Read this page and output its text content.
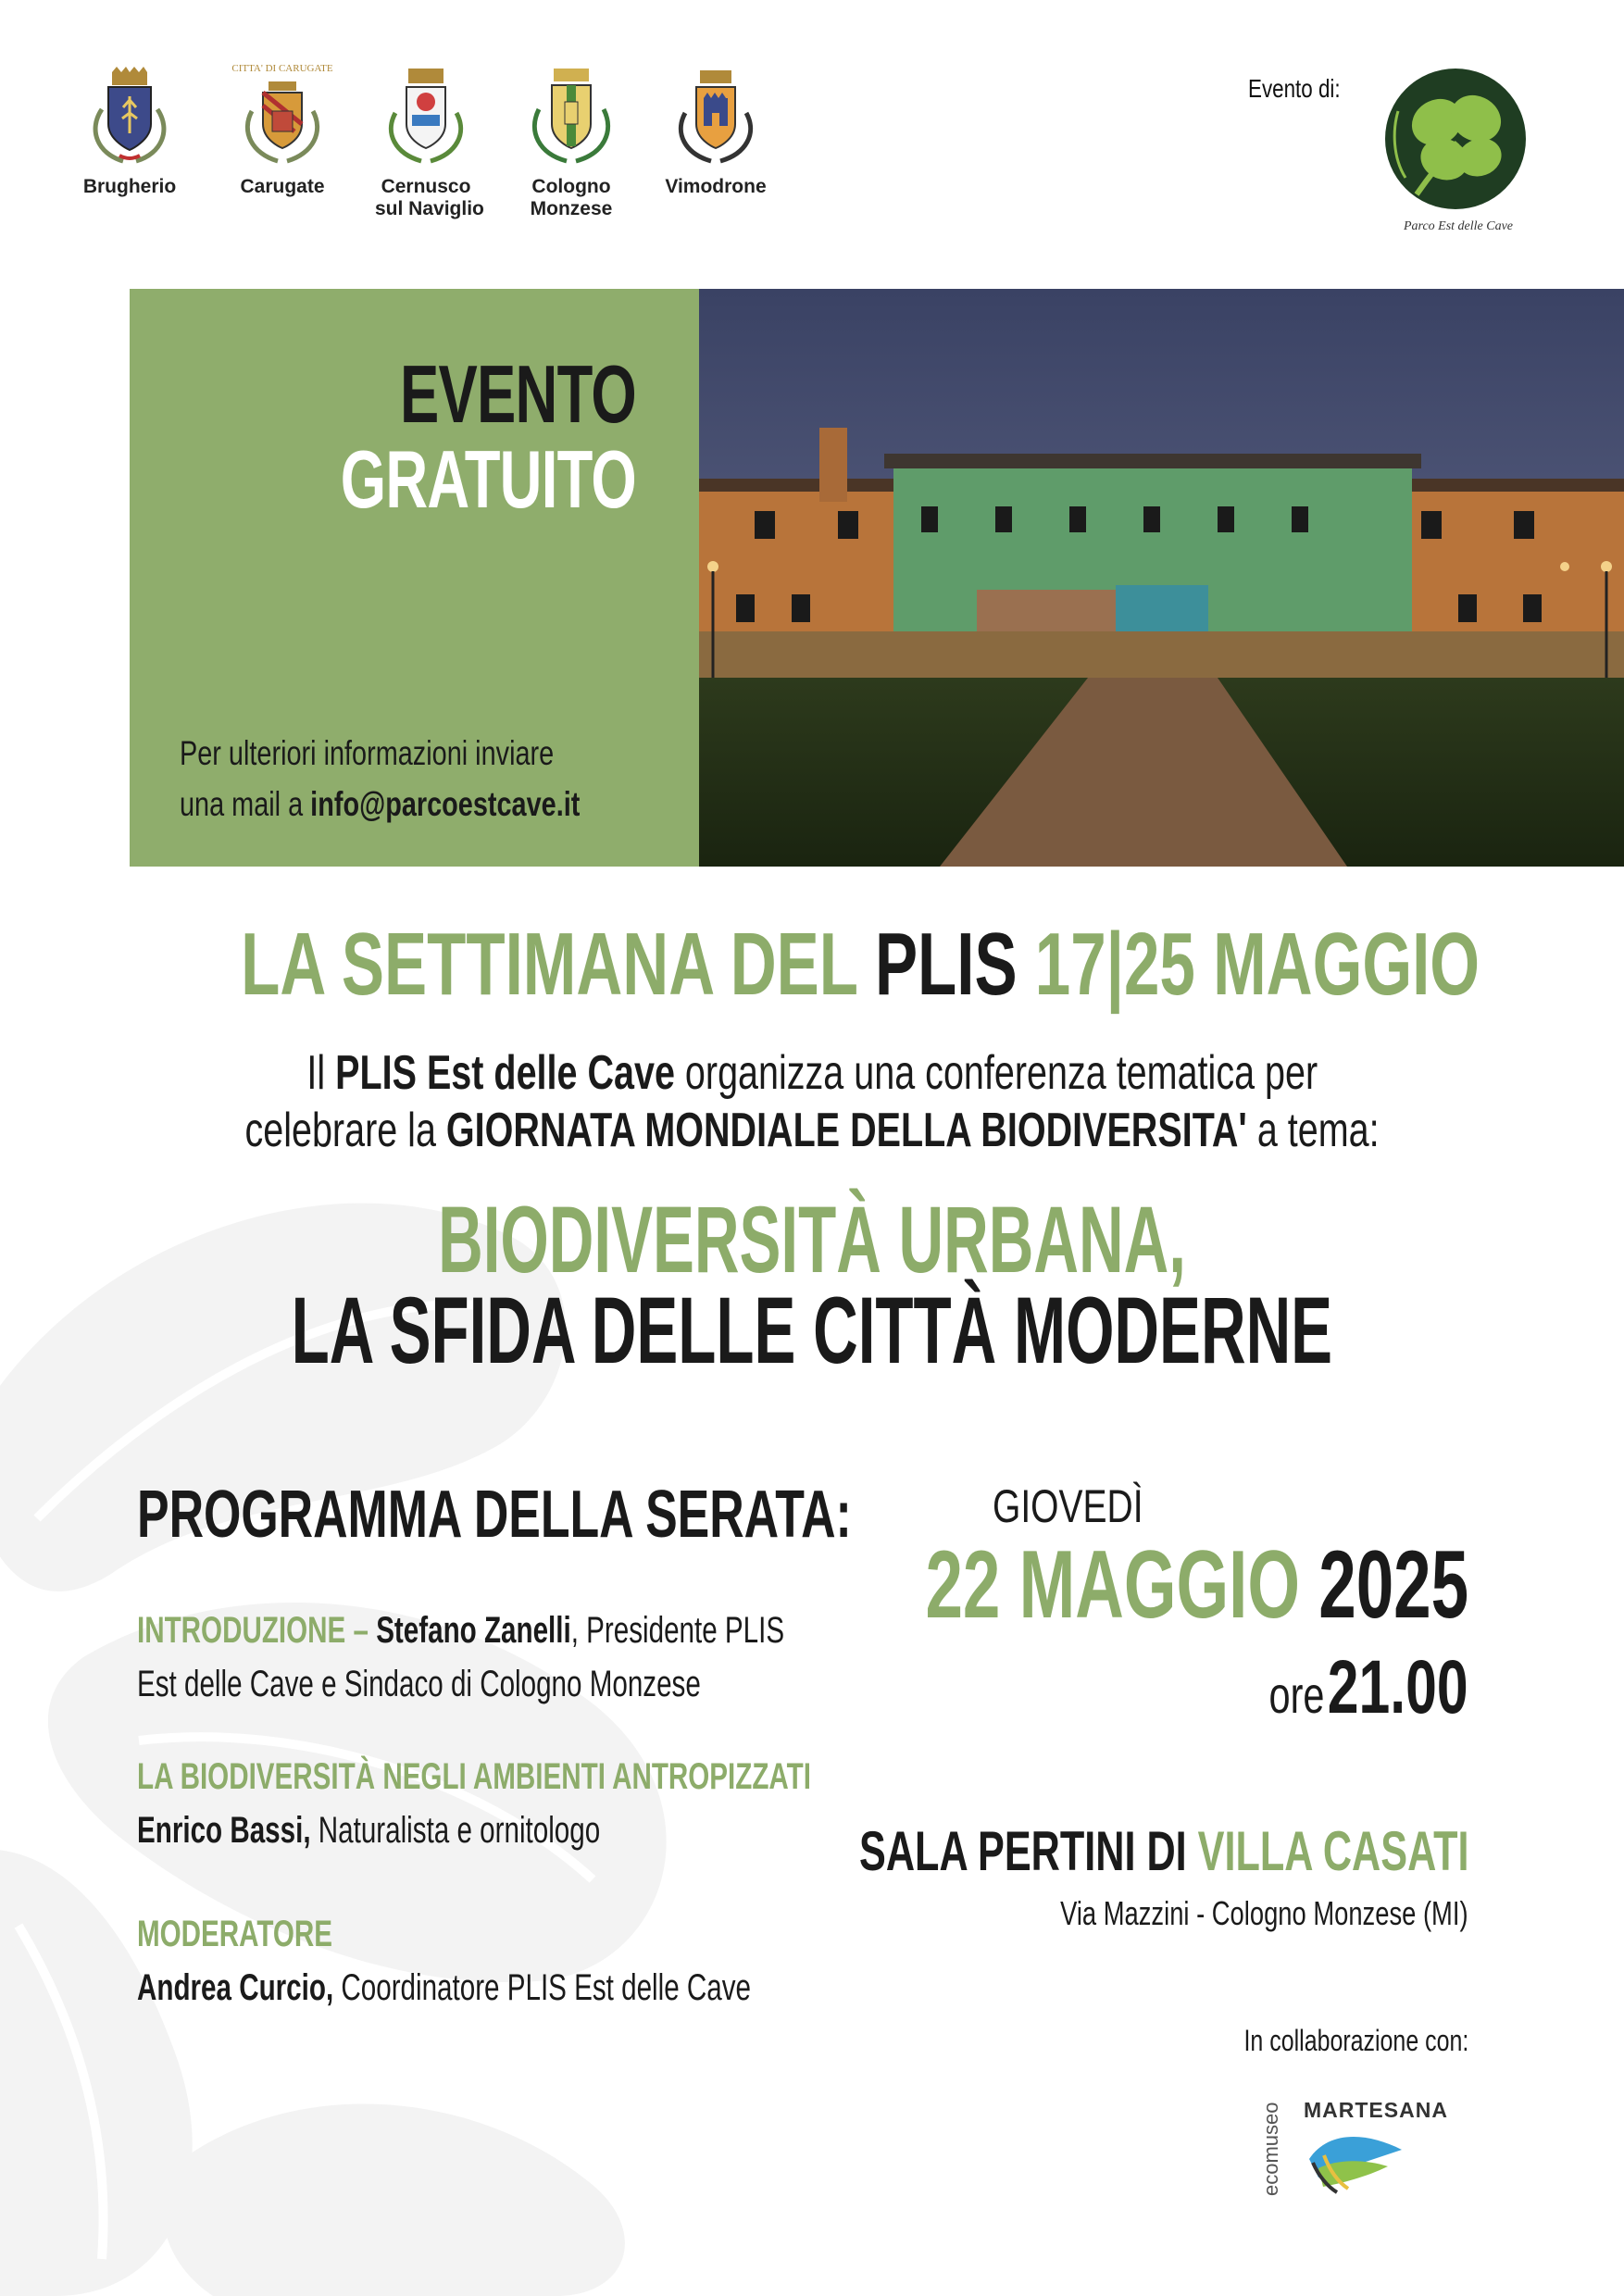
Brugherio
CITTA' DI CARUGATE
Carugate	Cernusco
sul Naviglio
Cologno
Monzese
Vimodrone
Evento di:
Parco Est delle Cave
EVENTO
GRATUITO
Per ulteriori informazioni inviare
una mail a info@parcoestcave.it
LA SETTIMANA DEL PLIS 17|25 MAGGIO
Il PLIS Est delle Cave organizza una conferenza tematica per
celebrare la GIORNATA MONDIALE DELLA BIODIVERSITA' a tema:
BIODIVERSITÀ URBANA,
LA SFIDA DELLE CITTÀ MODERNE
PROGRAMMA DELLA SERATA:
INTRODUZIONE – Stefano Zanelli, Presidente PLIS
Est delle Cave e Sindaco di Cologno Monzese
LA BIODIVERSITÀ NEGLI AMBIENTI ANTROPIZZATI
Enrico Bassi, Naturalista e ornitologo
MODERATORE
Andrea Curcio, Coordinatore PLIS Est delle Cave
GIOVEDÌ
22 MAGGIO 2025
ore 21.00
SALA PERTINI DI VILLA CASATI
Via Mazzini - Cologno Monzese (MI)
In collaborazione con:
ecomuseo MARTESANA
